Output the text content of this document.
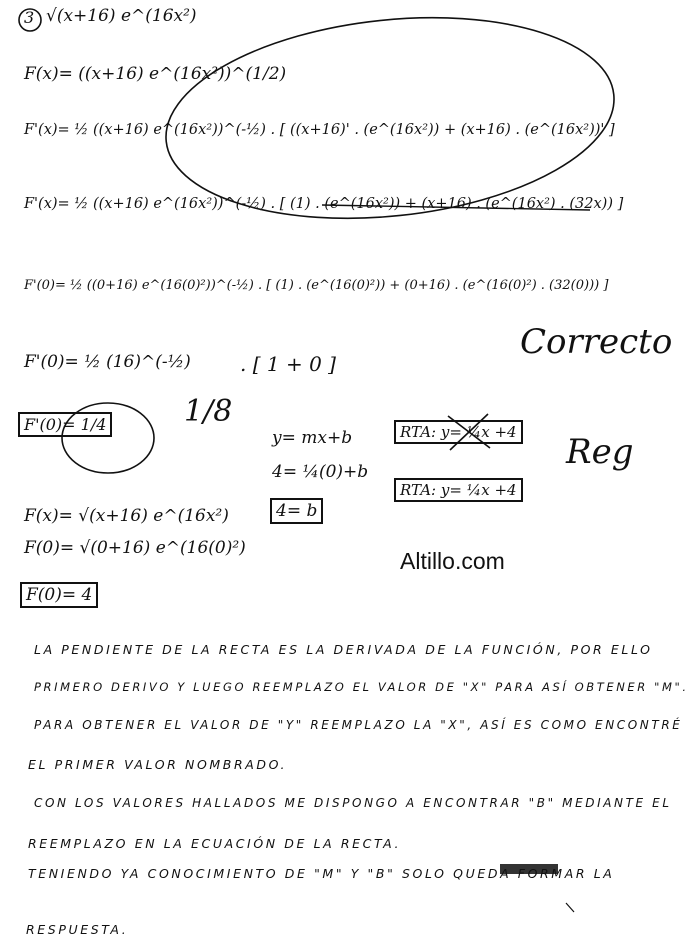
3 √(x+16) e^(16x²)
F(x)= ((x+16) e^(16x²))^(1/2)
F'(x)= ½ ((x+16) e^(16x²))^(-½) . [ ((x+16)' . (e^(16x²)) + (x+16) . (e^(16x²))' ]
F'(x)= ½ ((x+16) e^(16x²))^(-½) . [ (1) . (e^(16x²)) + (x+16) . (e^(16x²) . (32x)) ]
F'(0)= ½ ((0+16) e^(16(0)²))^(-½) . [ (1) . (e^(16(0)²)) + (0+16) . (e^(16(0)²) . (32(0))) ]
F'(0)= ½ (16)^(-½) . [ 1 + 0 ]
F'(0)= 1/4	1/8
Correcto
Reg
y= mx+b
4= ¼(0)+b
4= b
RTA: y= ¼x +4
RTA: y= ¼x +4
F(x)= √(x+16) e^(16x²)
F(0)= √(0+16) e^(16(0)²)
F(0)= 4
Altillo.com
LA PENDIENTE DE LA RECTA ES LA DERIVADA DE LA FUNCIÓN, POR ELLO
PRIMERO DERIVO Y LUEGO REEMPLAZO EL VALOR DE "X" PARA ASÍ OBTENER "M".
PARA OBTENER EL VALOR DE "Y" REEMPLAZO LA "X", ASÍ ES COMO ENCONTRÉ
EL PRIMER VALOR NOMBRADO.
CON LOS VALORES HALLADOS ME DISPONGO A ENCONTRAR "B" MEDIANTE EL
REEMPLAZO EN LA ECUACIÓN DE LA RECTA.
TENIENDO YA CONOCIMIENTO DE "M" Y "B" SOLO QUEDA FORMAR LA
RESPUESTA.
